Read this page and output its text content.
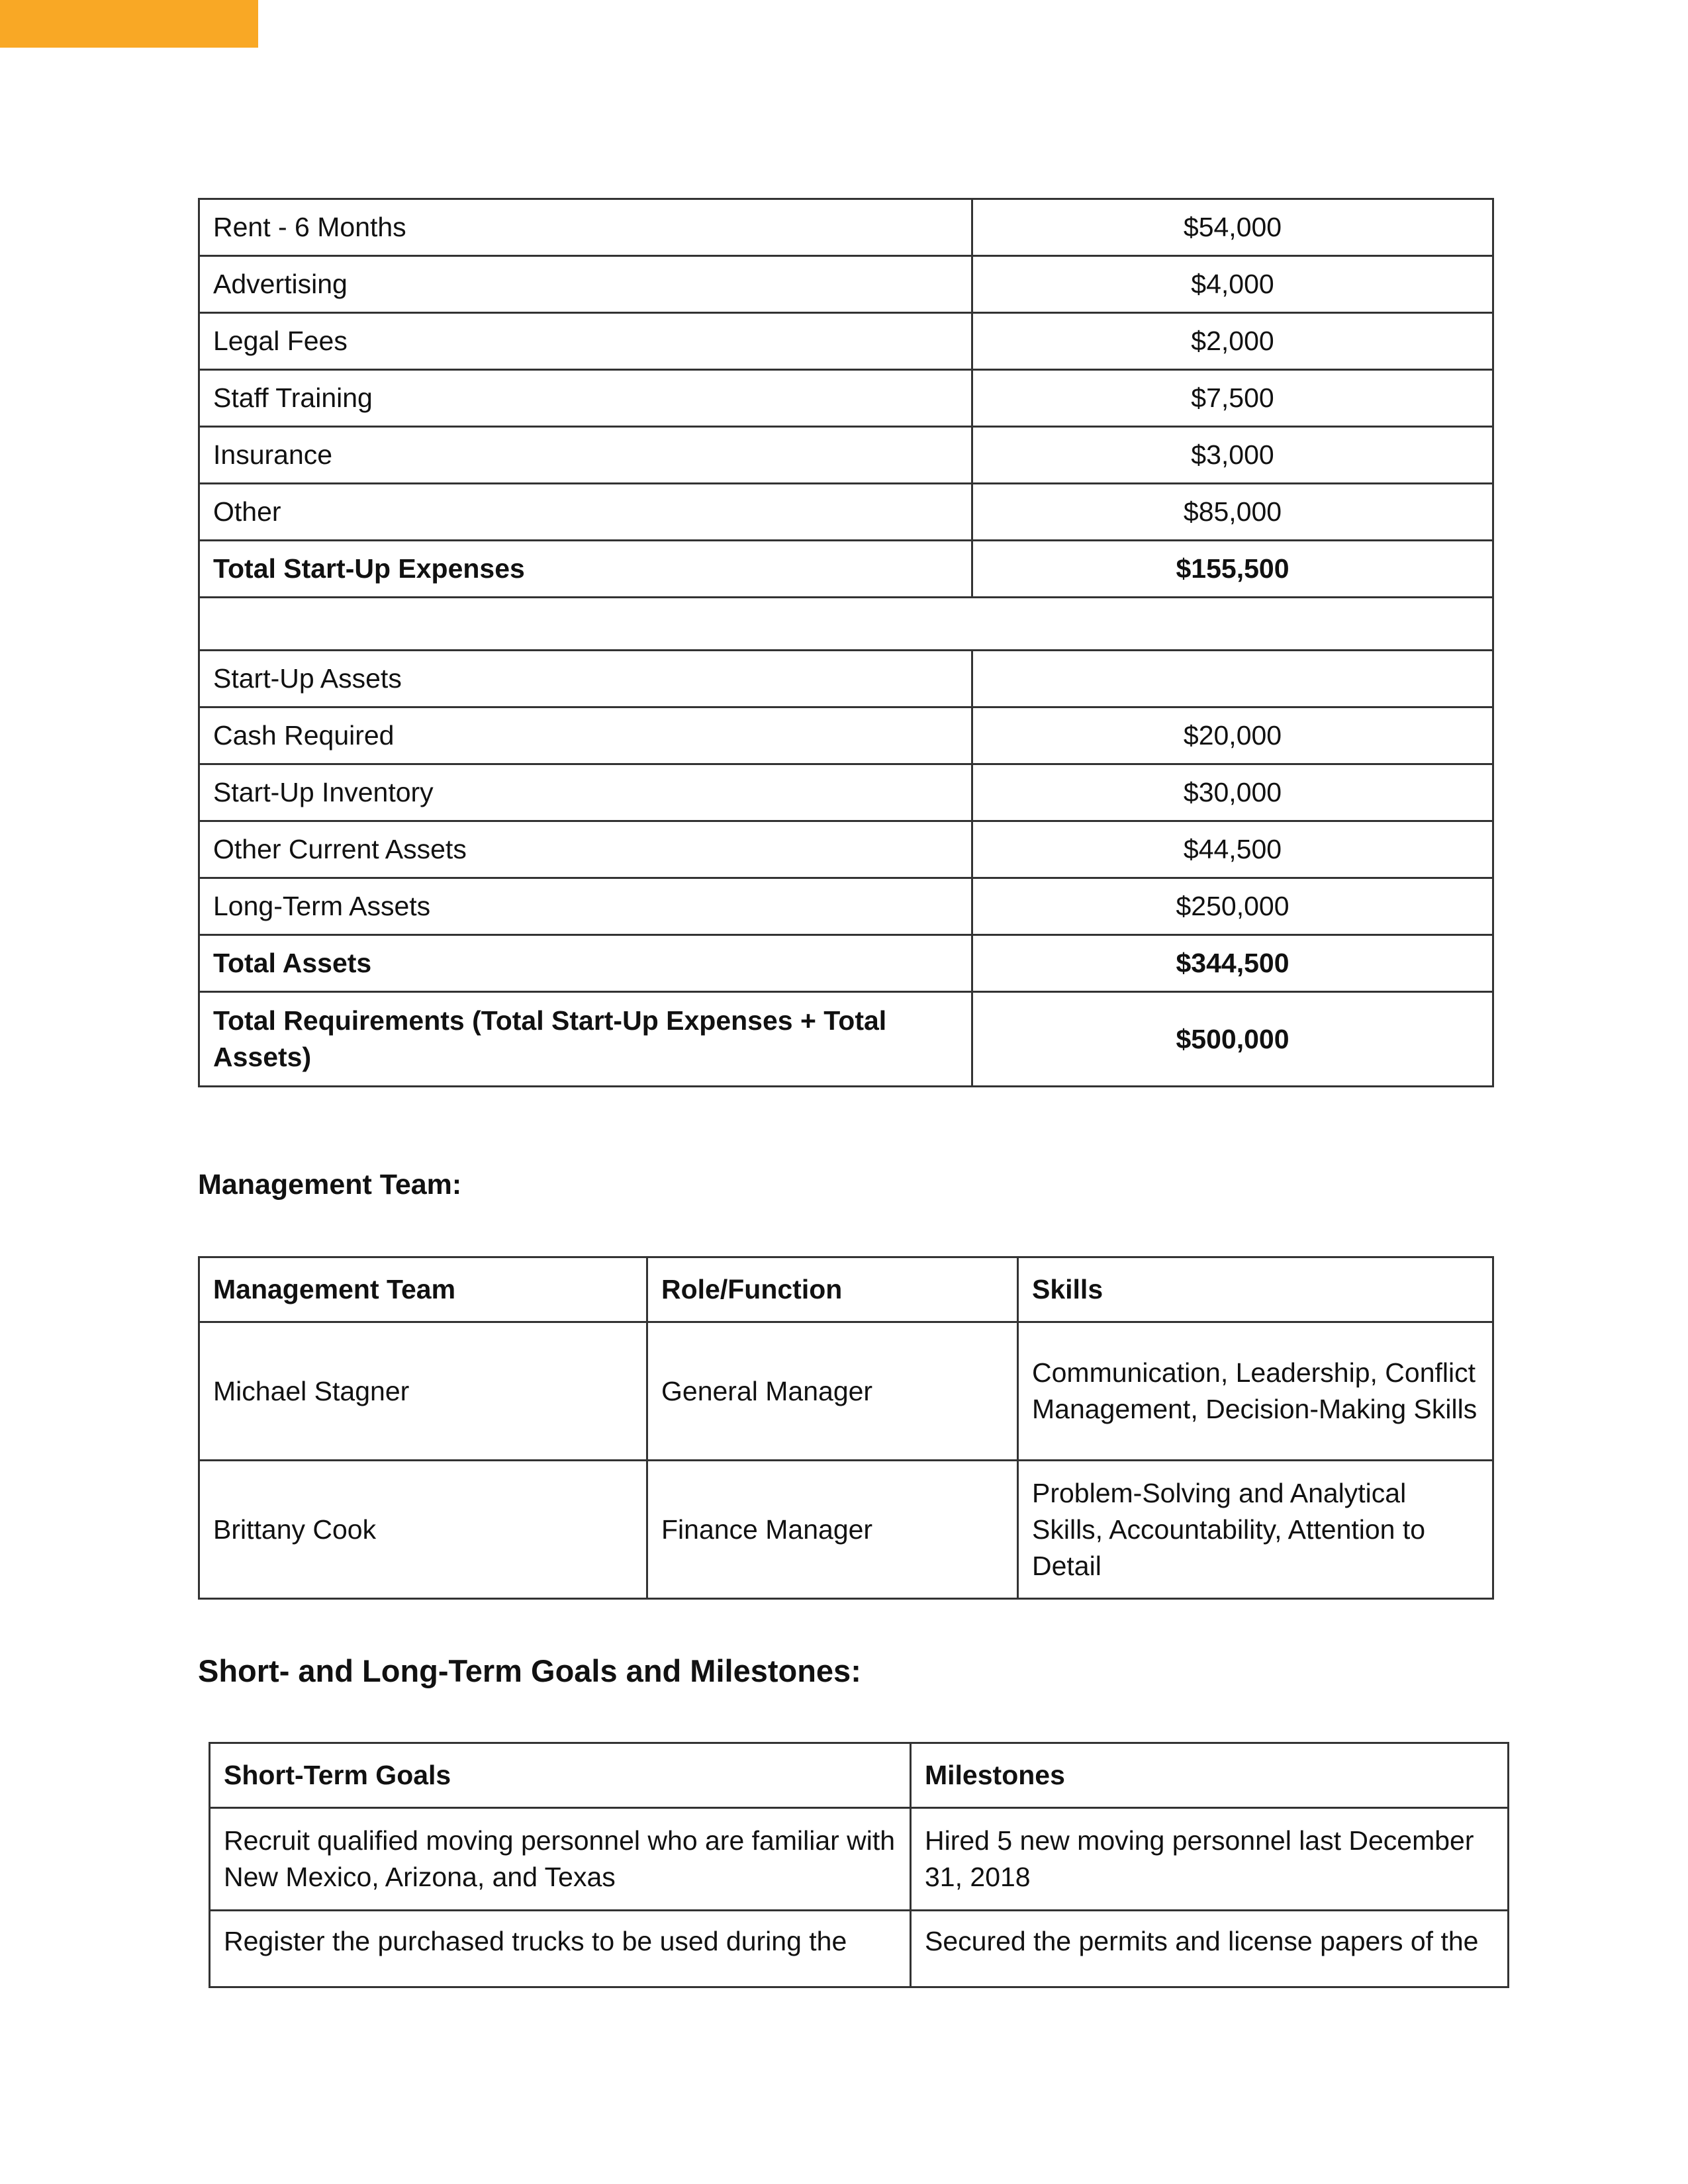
Rent - 6 Months	$54,000
Advertising	$4,000
Legal Fees	$2,000
Staff Training	$7,500
Insurance	$3,000
Other	$85,000
Total Start-Up Expenses	$155,500

Start-Up Assets	
Cash Required	$20,000
Start-Up Inventory	$30,000
Other Current Assets	$44,500
Long-Term Assets	$250,000
Total Assets	$344,500
Total Requirements (Total Start-Up Expenses + Total Assets)	$500,000
Management Team:
Management Team	Role/Function	Skills
Michael Stagner	General Manager	Communication, Leadership, Conflict Management, Decision-Making Skills
Brittany Cook	Finance Manager	Problem-Solving and Analytical Skills, Accountability, Attention to Detail
Short- and Long-Term Goals and Milestones:
Short-Term Goals	Milestones
Recruit qualified moving personnel who are familiar with New Mexico, Arizona, and Texas	Hired 5 new moving personnel last December 31, 2018
Register the purchased trucks to be used during the	Secured the permits and license papers of the
